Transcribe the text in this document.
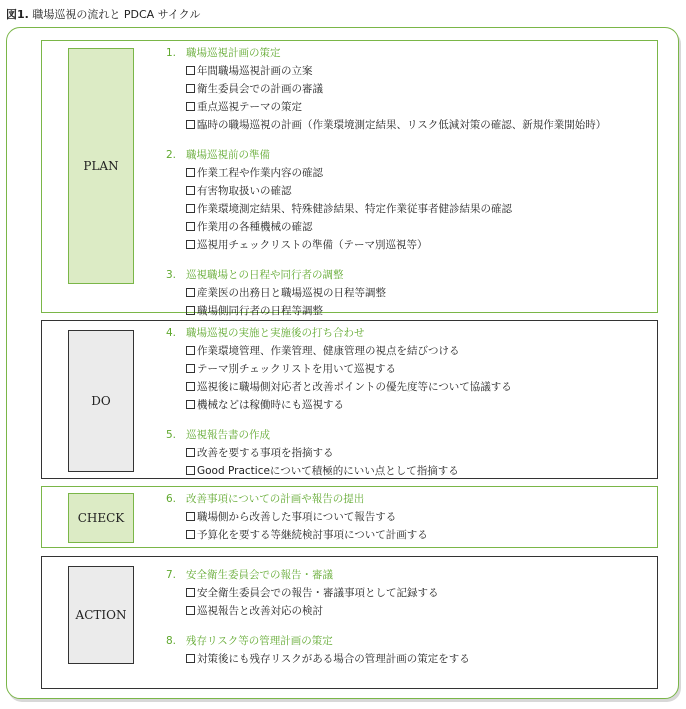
図1. 職場巡視の流れと PDCA サイクル
PLAN
1. 職場巡視計画の策定
年間職場巡視計画の立案
衛生委員会での計画の審議
重点巡視テーマの策定
臨時の職場巡視の計画（作業環境測定結果、リスク低減対策の確認、新規作業開始時）
2. 職場巡視前の準備
作業工程や作業内容の確認
有害物取扱いの確認
作業環境測定結果、特殊健診結果、特定作業従事者健診結果の確認
作業用の各種機械の確認
巡視用チェックリストの準備（テーマ別巡視等）
3. 巡視職場との日程や同行者の調整
産業医の出務日と職場巡視の日程等調整
職場側同行者の日程等調整
DO
4. 職場巡視の実施と実施後の打ち合わせ
作業環境管理、作業管理、健康管理の視点を結びつける
テーマ別チェックリストを用いて巡視する
巡視後に職場側対応者と改善ポイントの優先度等について協議する
機械などは稼働時にも巡視する
5. 巡視報告書の作成
改善を要する事項を指摘する
Good Practiceについて積極的にいい点として指摘する
CHECK
6. 改善事項についての計画や報告の提出
職場側から改善した事項について報告する
予算化を要する等継続検討事項について計画する
ACTION
7. 安全衛生委員会での報告・審議
安全衛生委員会での報告・審議事項として記録する
巡視報告と改善対応の検討
8. 残存リスク等の管理計画の策定
対策後にも残存リスクがある場合の管理計画の策定をする
